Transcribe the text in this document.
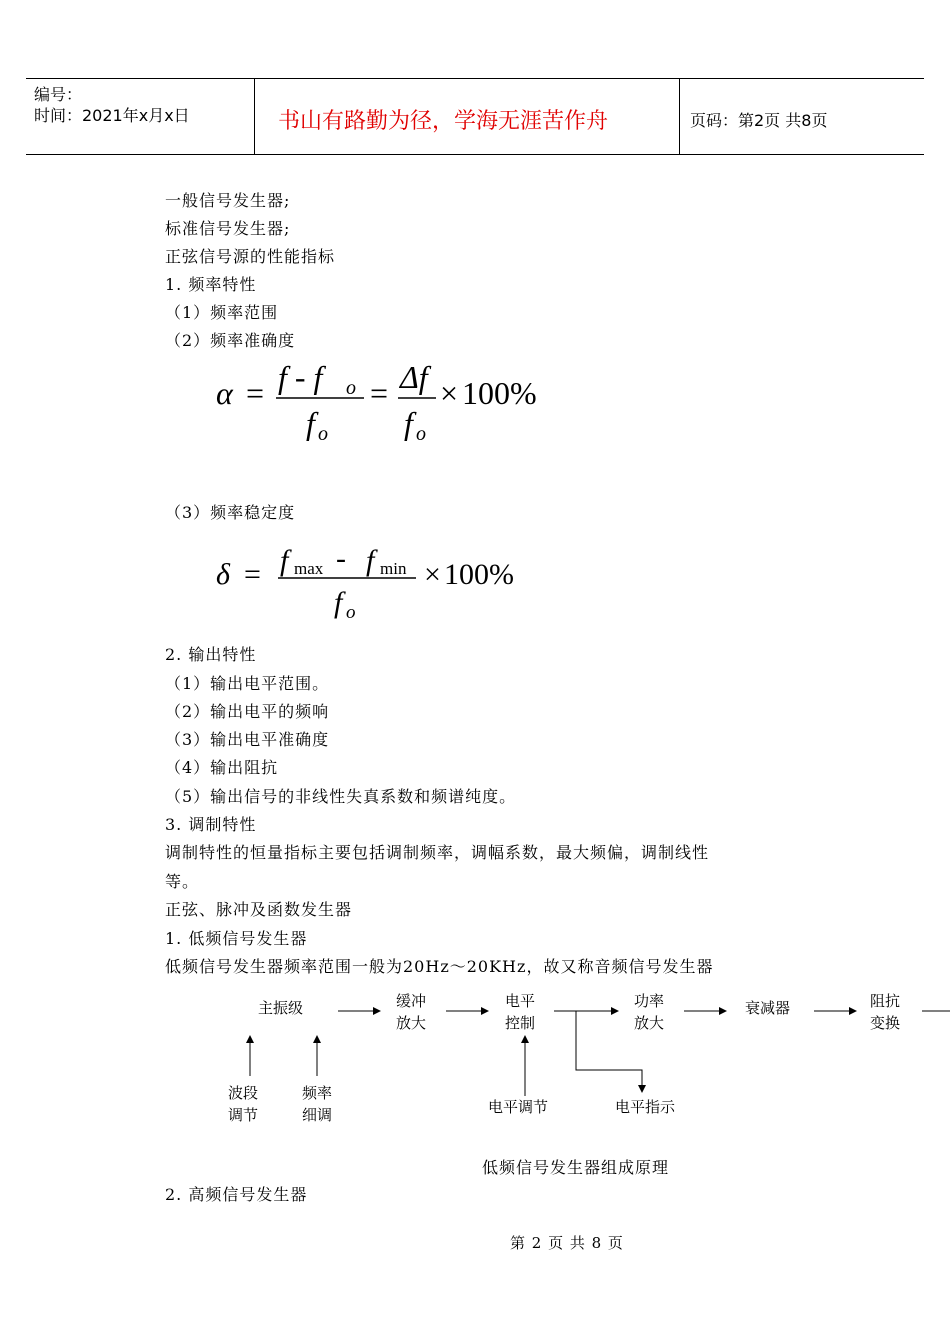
编号：
时间：2021年x月x日	书山有路勤为径，学海无涯苦作舟	页码：第2页 共8页
一般信号发生器;
标准信号发生器;
正弦信号源的性能指标
1. 频率特性
（1）频率范围
（2）频率准确度
α = f - f o
f o
= Δf
f o
× 100%
（3）频率稳定度
δ = f max - f min
f o
× 100%
2. 输出特性
（1）输出电平范围。
（2）输出电平的频响
（3）输出电平准确度
（4）输出阻抗
（5）输出信号的非线性失真系数和频谱纯度。
3. 调制特性
调制特性的恒量指标主要包括调制频率，调幅系数，最大频偏，调制线性
等。
正弦、脉冲及函数发生器
1. 低频信号发生器
低频信号发生器频率范围一般为20Hz～20KHz，故又称音频信号发生器
主振级	缓冲
放大
电平
控制
功率
放大
衰减器	阻抗
变换
波段
调节
频率
细调	电平调节	电平指示
低频信号发生器组成原理
2. 高频信号发生器
第 2 页 共 8 页
